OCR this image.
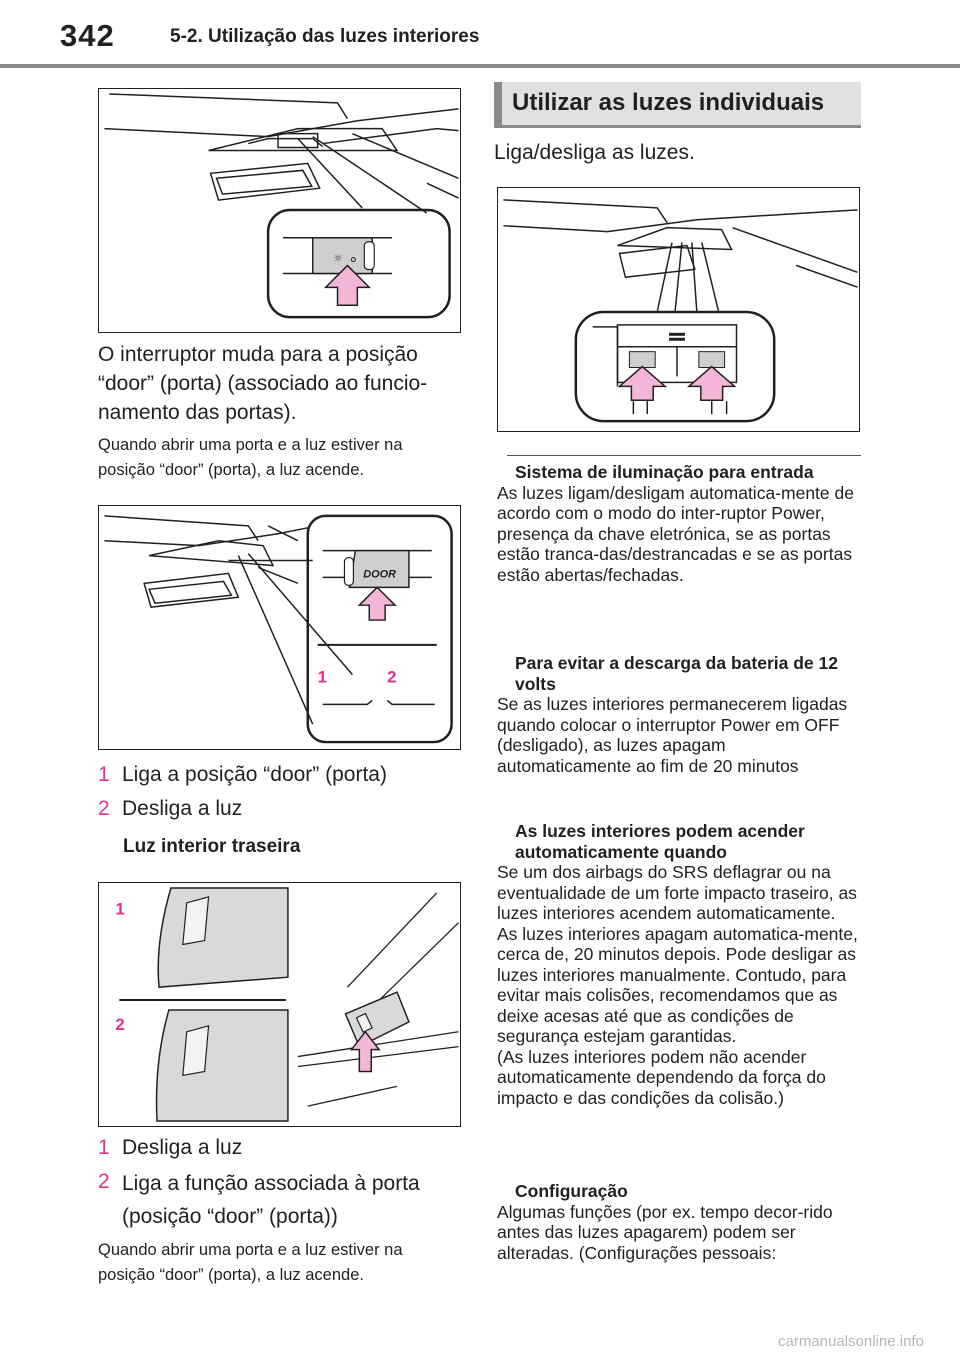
342	5-2. Utilização das luzes interiores
☼
O interruptor muda para a posição “door” (porta) (associado ao funcio-namento das portas).
Quando abrir uma porta e a luz estiver na posição “door” (porta), a luz acende.
DOOR
1	2
1 Liga a posição “door” (porta)
2 Desliga a luz
Luz interior traseira
1
2
1 Desliga a luz
2 Liga a função associada à porta (posição “door” (porta))
Quando abrir uma porta e a luz estiver na posição “door” (porta), a luz acende.
Utilizar as luzes individuais
Liga/desliga as luzes.
Sistema de iluminação para entrada
As luzes ligam/desligam automatica-mente de acordo com o modo do inter-ruptor Power, presença da chave eletrónica, se as portas estão tranca-das/destrancadas e se as portas estão abertas/fechadas.
Para evitar a descarga da bateria de 12 volts
Se as luzes interiores permanecerem ligadas quando colocar o interruptor Power em OFF (desligado), as luzes apagam automaticamente ao fim de 20 minutos
As luzes interiores podem acender automaticamente quando
Se um dos airbags do SRS deflagrar ou na eventualidade de um forte impacto traseiro, as luzes interiores acendem automaticamente.
As luzes interiores apagam automatica-mente, cerca de, 20 minutos depois. Pode desligar as luzes interiores manualmente. Contudo, para evitar mais colisões, recomendamos que as deixe acesas até que as condições de segurança estejam garantidas.
(As luzes interiores podem não acender automaticamente dependendo da força do impacto e das condições da colisão.)
Configuração
Algumas funções (por ex. tempo decor-rido antes das luzes apagarem) podem ser alteradas. (Configurações pessoais:
carmanualsonline.info
